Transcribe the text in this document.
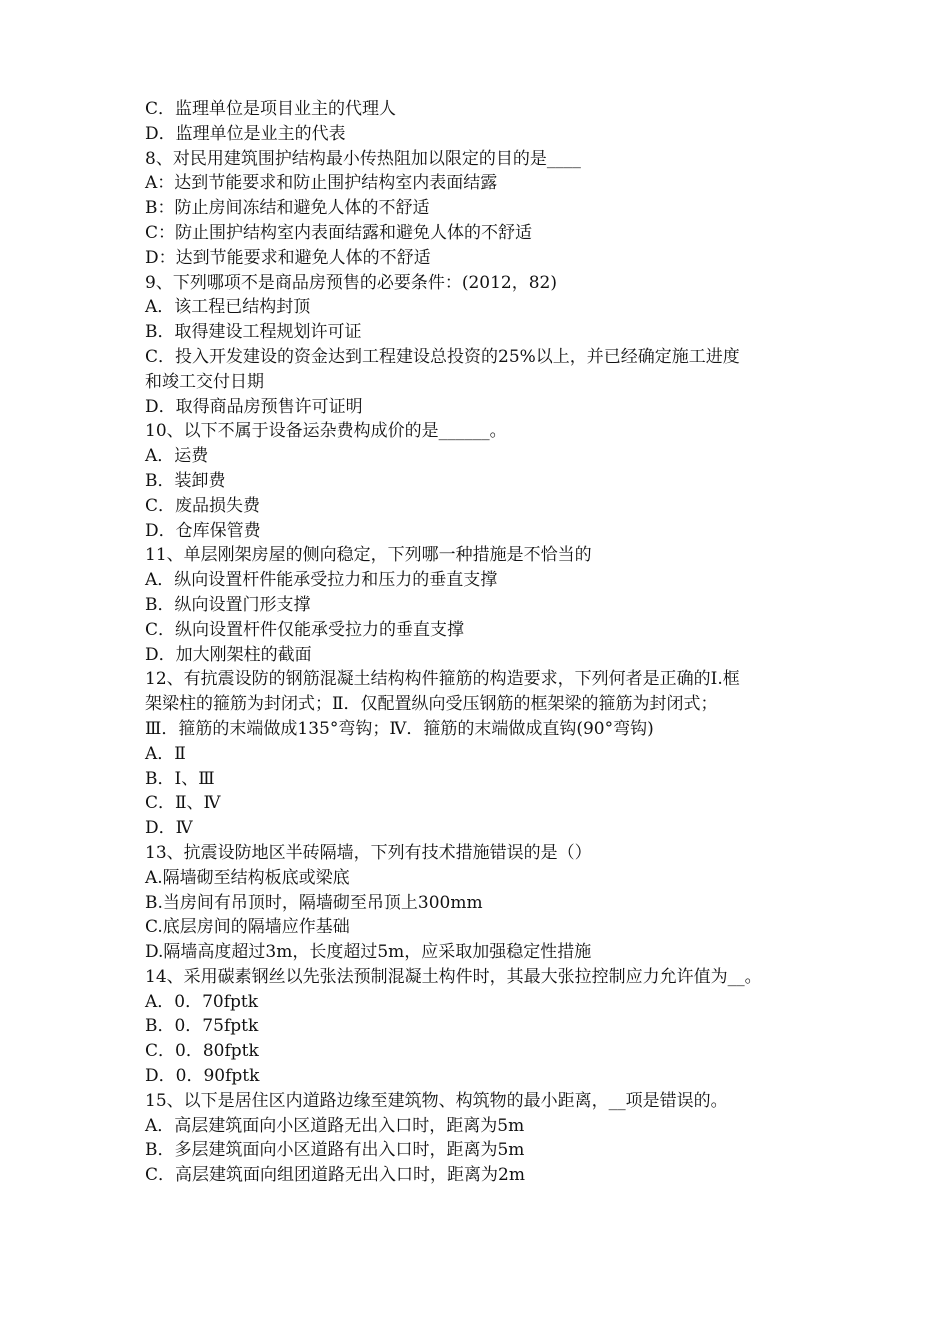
C．监理单位是项目业主的代理人
D．监理单位是业主的代表
8、对民用建筑围护结构最小传热阻加以限定的目的是____
A：达到节能要求和防止围护结构室内表面结露
B：防止房间冻结和避免人体的不舒适
C：防止围护结构室内表面结露和避免人体的不舒适
D：达到节能要求和避免人体的不舒适
9、下列哪项不是商品房预售的必要条件：(2012，82)
A．该工程已结构封顶
B．取得建设工程规划许可证
C．投入开发建设的资金达到工程建设总投资的25%以上，并已经确定施工进度
和竣工交付日期
D．取得商品房预售许可证明
10、以下不属于设备运杂费构成价的是______。
A．运费
B．装卸费
C．废品损失费
D．仓库保管费
11、单层刚架房屋的侧向稳定，下列哪一种措施是不恰当的
A．纵向设置杆件能承受拉力和压力的垂直支撑
B．纵向设置门形支撑
C．纵向设置杆件仅能承受拉力的垂直支撑
D．加大刚架柱的截面
12、有抗震设防的钢筋混凝土结构构件箍筋的构造要求，下列何者是正确的Ⅰ.框
架梁柱的箍筋为封闭式；Ⅱ．仅配置纵向受压钢筋的框架梁的箍筋为封闭式；
Ⅲ．箍筋的末端做成135°弯钩；Ⅳ．箍筋的末端做成直钩(90°弯钩)
A．Ⅱ
B．Ⅰ、Ⅲ
C．Ⅱ、Ⅳ
D．Ⅳ
13、抗震设防地区半砖隔墙，下列有技术措施错误的是（）
A.隔墙砌至结构板底或梁底
B.当房间有吊顶时，隔墙砌至吊顶上300mm
C.底层房间的隔墙应作基础
D.隔墙高度超过3m，长度超过5m，应采取加强稳定性措施
14、采用碳素钢丝以先张法预制混凝土构件时，其最大张拉控制应力允许值为__。
A．0．70fptk
B．0．75fptk
C．0．80fptk
D．0．90fptk
15、以下是居住区内道路边缘至建筑物、构筑物的最小距离，__项是错误的。
A．高层建筑面向小区道路无出入口时，距离为5m
B．多层建筑面向小区道路有出入口时，距离为5m
C．高层建筑面向组团道路无出入口时，距离为2m
